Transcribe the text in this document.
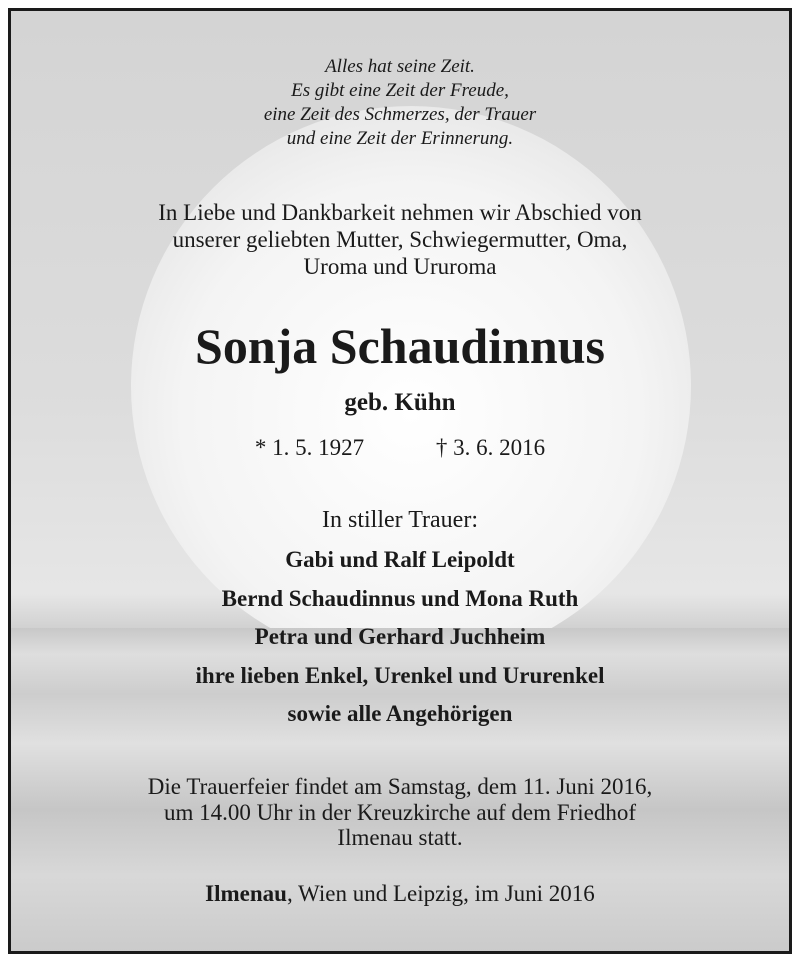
Alles hat seine Zeit.
Es gibt eine Zeit der Freude,
eine Zeit des Schmerzes, der Trauer
und eine Zeit der Erinnerung.
In Liebe und Dankbarkeit nehmen wir Abschied von
unserer geliebten Mutter, Schwiegermutter, Oma,
Uroma und Ururoma
Sonja Schaudinnus
geb. Kühn
* 1. 5. 1927	† 3. 6. 2016
In stiller Trauer:
Gabi und Ralf Leipoldt
Bernd Schaudinnus und Mona Ruth
Petra und Gerhard Juchheim
ihre lieben Enkel, Urenkel und Ururenkel
sowie alle Angehörigen
Die Trauerfeier findet am Samstag, dem 11. Juni 2016,
um 14.00 Uhr in der Kreuzkirche auf dem Friedhof
Ilmenau statt.
Ilmenau, Wien und Leipzig, im Juni 2016
